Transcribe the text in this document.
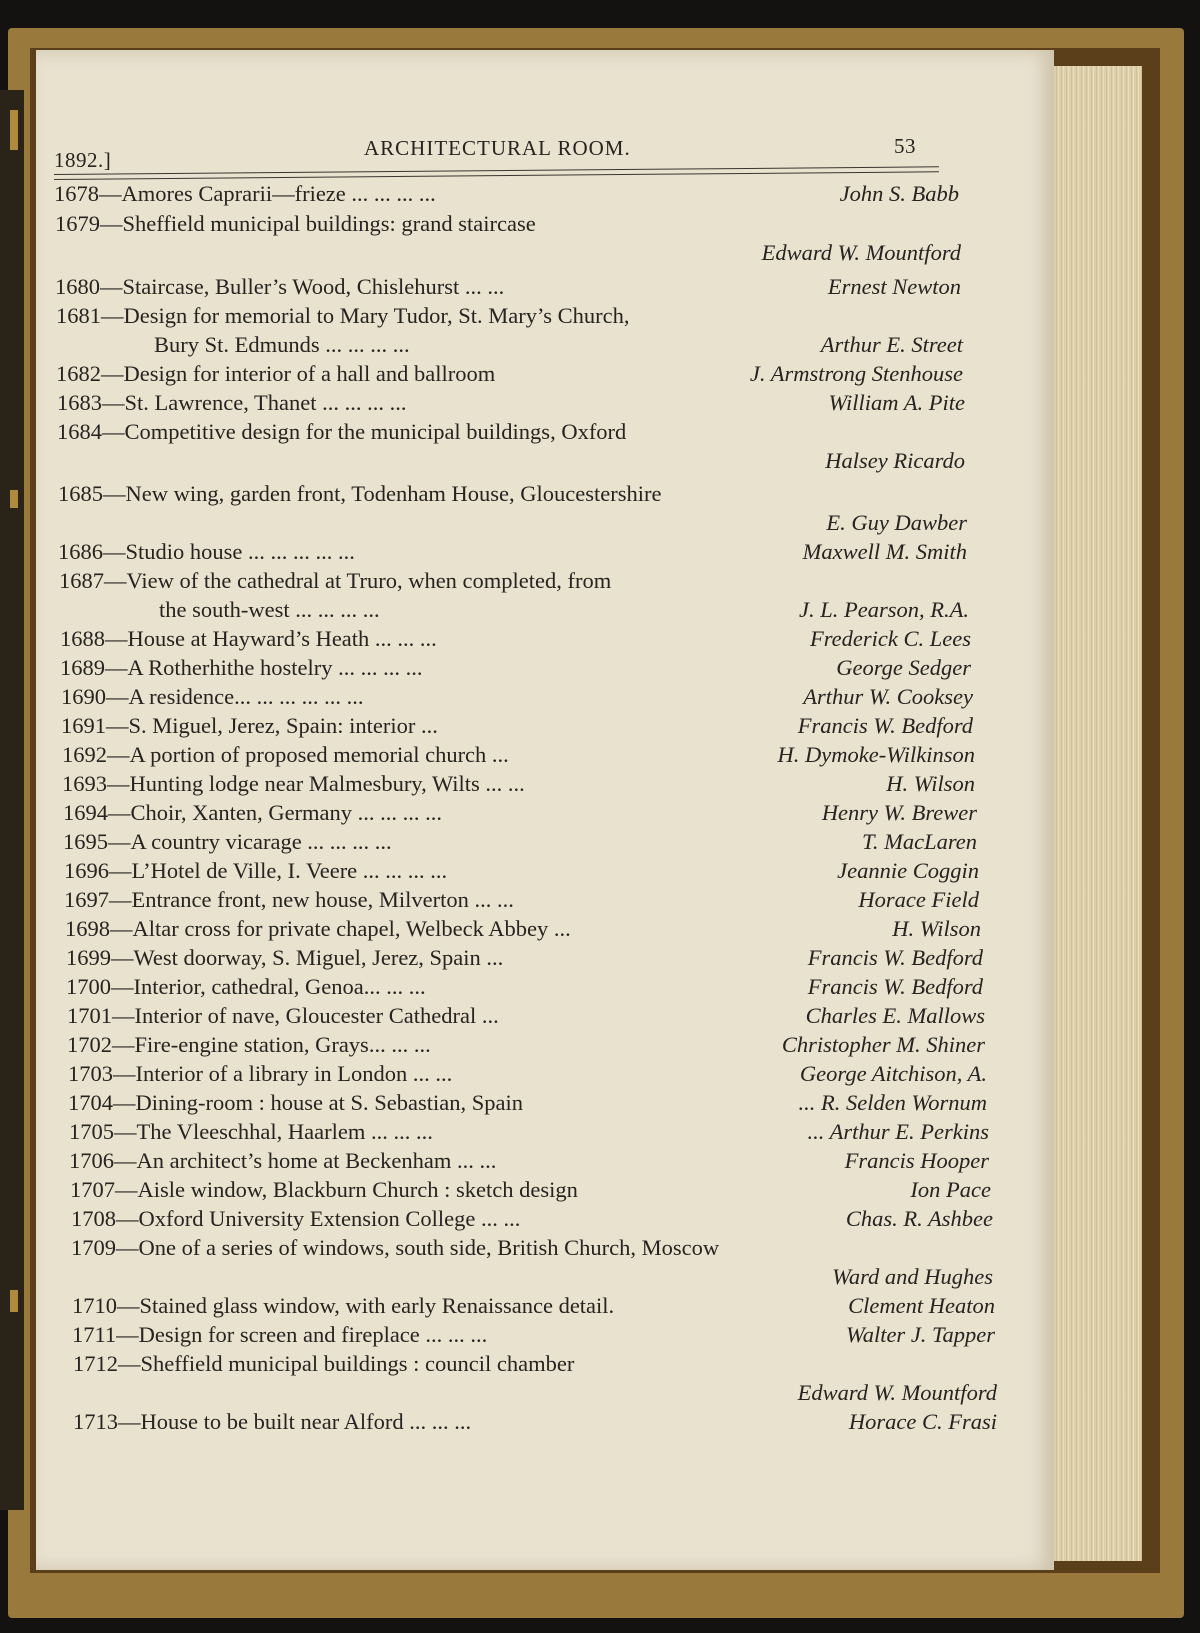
1892.]	ARCHITECTURAL ROOM.	53
1678—Amores Caprarii—frieze ... ... ... ...	John S. Babb
1679—Sheffield municipal buildings: grand staircase
Edward W. Mountford
1680—Staircase, Buller’s Wood, Chislehurst ... ...	Ernest Newton
1681—Design for memorial to Mary Tudor, St. Mary’s Church,
Bury St. Edmunds ... ... ... ...	Arthur E. Street
1682—Design for interior of a hall and ballroom	J. Armstrong Stenhouse
1683—St. Lawrence, Thanet ... ... ... ...	William A. Pite
1684—Competitive design for the municipal buildings, Oxford
Halsey Ricardo
1685—New wing, garden front, Todenham House, Gloucestershire
E. Guy Dawber
1686—Studio house ... ... ... ... ...	Maxwell M. Smith
1687—View of the cathedral at Truro, when completed, from
the south-west ... ... ... ...	J. L. Pearson, R.A.
1688—House at Hayward’s Heath ... ... ...	Frederick C. Lees
1689—A Rotherhithe hostelry ... ... ... ...	George Sedger
1690—A residence... ... ... ... ... ...	Arthur W. Cooksey
1691—S. Miguel, Jerez, Spain: interior ...	Francis W. Bedford
1692—A portion of proposed memorial church ...	H. Dymoke-Wilkinson
1693—Hunting lodge near Malmesbury, Wilts ... ...	H. Wilson
1694—Choir, Xanten, Germany ... ... ... ...	Henry W. Brewer
1695—A country vicarage ... ... ... ...	T. MacLaren
1696—L’Hotel de Ville, I. Veere ... ... ... ...	Jeannie Coggin
1697—Entrance front, new house, Milverton ... ...	Horace Field
1698—Altar cross for private chapel, Welbeck Abbey ...	H. Wilson
1699—West doorway, S. Miguel, Jerez, Spain ...	Francis W. Bedford
1700—Interior, cathedral, Genoa... ... ...	Francis W. Bedford
1701—Interior of nave, Gloucester Cathedral ...	Charles E. Mallows
1702—Fire-engine station, Grays... ... ...	Christopher M. Shiner
1703—Interior of a library in London ... ...	George Aitchison, A.
1704—Dining-room : house at S. Sebastian, Spain	... R. Selden Wornum
1705—The Vleeschhal, Haarlem ... ... ...	... Arthur E. Perkins
1706—An architect’s home at Beckenham ... ...	Francis Hooper
1707—Aisle window, Blackburn Church : sketch design	Ion Pace
1708—Oxford University Extension College ... ...	Chas. R. Ashbee
1709—One of a series of windows, south side, British Church, Moscow
Ward and Hughes
1710—Stained glass window, with early Renaissance detail.	Clement Heaton
1711—Design for screen and fireplace ... ... ...	Walter J. Tapper
1712—Sheffield municipal buildings : council chamber
Edward W. Mountford
1713—House to be built near Alford ... ... ...	Horace C. Frasi
